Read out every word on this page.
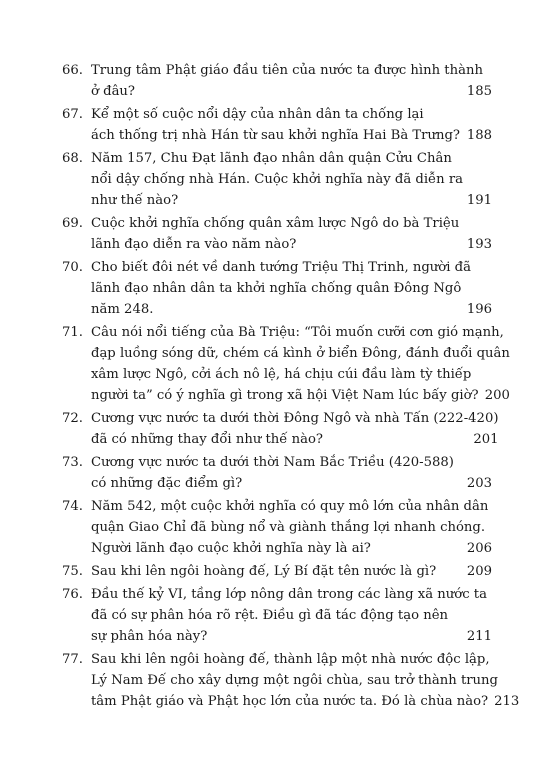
66. Trung tâm Phật giáo đầu tiên của nước ta được hình thành
ở đâu?	185
67. Kể một số cuộc nổi dậy của nhân dân ta chống lại
ách thống trị nhà Hán từ sau khởi nghĩa Hai Bà Trưng? 188
68. Năm 157, Chu Đạt lãnh đạo nhân dân quận Cửu Chân
nổi dậy chống nhà Hán. Cuộc khởi nghĩa này đã diễn ra
như thế nào?	191
69. Cuộc khởi nghĩa chống quân xâm lược Ngô do bà Triệu
lãnh đạo diễn ra vào năm nào?	193
70. Cho biết đôi nét về danh tướng Triệu Thị Trinh, người đã
lãnh đạo nhân dân ta khởi nghĩa chống quân Đông Ngô
năm 248.	196
71. Câu nói nổi tiếng của Bà Triệu: “Tôi muốn cưỡi cơn gió mạnh,
đạp luồng sóng dữ, chém cá kình ở biển Đông, đánh đuổi quân
xâm lược Ngô, cởi ách nô lệ, há chịu cúi đầu làm tỳ thiếp
người ta” có ý nghĩa gì trong xã hội Việt Nam lúc bấy giờ? 200
72. Cương vực nước ta dưới thời Đông Ngô và nhà Tấn (222-420)
đã có những thay đổi như thế nào?	201
73. Cương vực nước ta dưới thời Nam Bắc Triều (420-588)
có những đặc điểm gì?	203
74. Năm 542, một cuộc khởi nghĩa có quy mô lớn của nhân dân
quận Giao Chỉ đã bùng nổ và giành thắng lợi nhanh chóng.
Người lãnh đạo cuộc khởi nghĩa này là ai?	206
75. Sau khi lên ngôi hoàng đế, Lý Bí đặt tên nước là gì?	209
76. Đầu thế kỷ VI, tầng lớp nông dân trong các làng xã nước ta
đã có sự phân hóa rõ rệt. Điều gì đã tác động tạo nên
sự phân hóa này?	211
77. Sau khi lên ngôi hoàng đế, thành lập một nhà nước độc lập,
Lý Nam Đế cho xây dựng một ngôi chùa, sau trở thành trung
tâm Phật giáo và Phật học lớn của nước ta. Đó là chùa nào? 213
